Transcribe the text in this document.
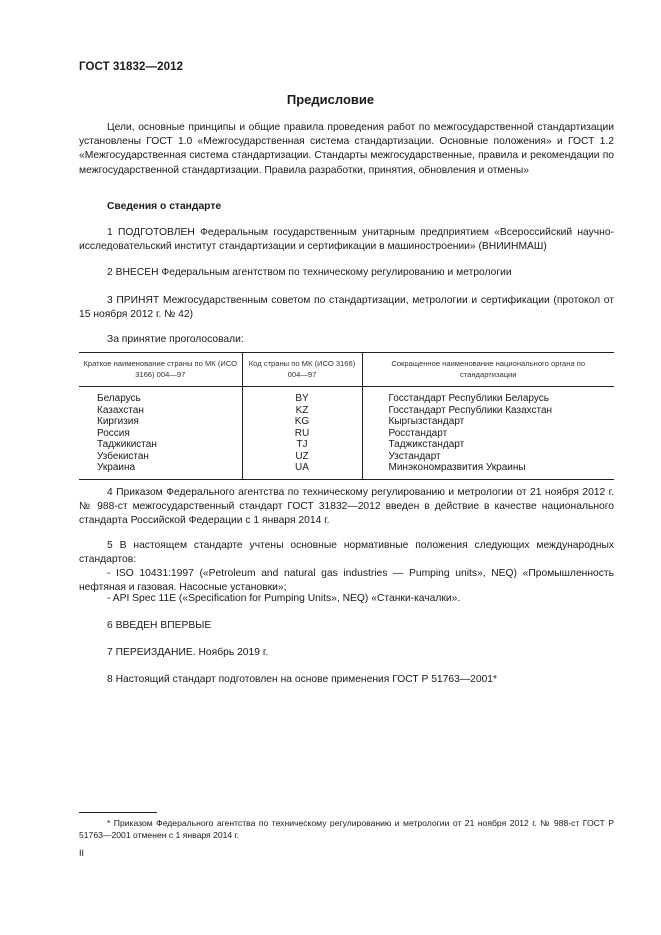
ГОСТ 31832—2012
Предисловие
Цели, основные принципы и общие правила проведения работ по межгосударственной стандартизации установлены ГОСТ 1.0 «Межгосударственная система стандартизации. Основные положения» и ГОСТ 1.2 «Межгосударственная система стандартизации. Стандарты межгосударственные, правила и рекомендации по межгосударственной стандартизации. Правила разработки, принятия, обновления и отмены»
Сведения о стандарте
1 ПОДГОТОВЛЕН Федеральным государственным унитарным предприятием «Всероссийский научно-исследовательский институт стандартизации и сертификации в машиностроении» (ВНИИНМАШ)
2 ВНЕСЕН Федеральным агентством по техническому регулированию и метрологии
3 ПРИНЯТ Межгосударственным советом по стандартизации, метрологии и сертификации (протокол от 15 ноября 2012 г. № 42)
За принятие проголосовали:
Краткое наименование страны по МК (ИСО 3166) 004—97	Код страны по МК (ИСО 3166) 004—97	Сокращенное наименование национального органа по стандартизации
Беларусь	BY	Госстандарт Республики Беларусь
Казахстан	KZ	Госстандарт Республики Казахстан
Киргизия	KG	Кыргызстандарт
Россия	RU	Росстандарт
Таджикистан	TJ	Таджикстандарт
Узбекистан	UZ	Узстандарт
Украина	UA	Минэкономразвития Украины
4 Приказом Федерального агентства по техническому регулированию и метрологии от 21 ноября 2012 г. № 988-ст межгосударственный стандарт ГОСТ 31832—2012 введен в действие в качестве национального стандарта Российской Федерации с 1 января 2014 г.
5 В настоящем стандарте учтены основные нормативные положения следующих международных стандартов:
- ISO 10431:1997 («Petroleum and natural gas industries — Pumping units», NEQ) «Промышленность нефтяная и газовая. Насосные установки»;
- API Spec 11E («Specification for Pumping Units», NEQ) «Станки-качалки».
6 ВВЕДЕН ВПЕРВЫЕ
7 ПЕРЕИЗДАНИЕ. Ноябрь 2019 г.
8 Настоящий стандарт подготовлен на основе применения ГОСТ Р 51763—2001*
* Приказом Федерального агентства по техническому регулированию и метрологии от 21 ноября 2012 г. № 988-ст ГОСТ Р 51763—2001 отменен с 1 января 2014 г.
II
